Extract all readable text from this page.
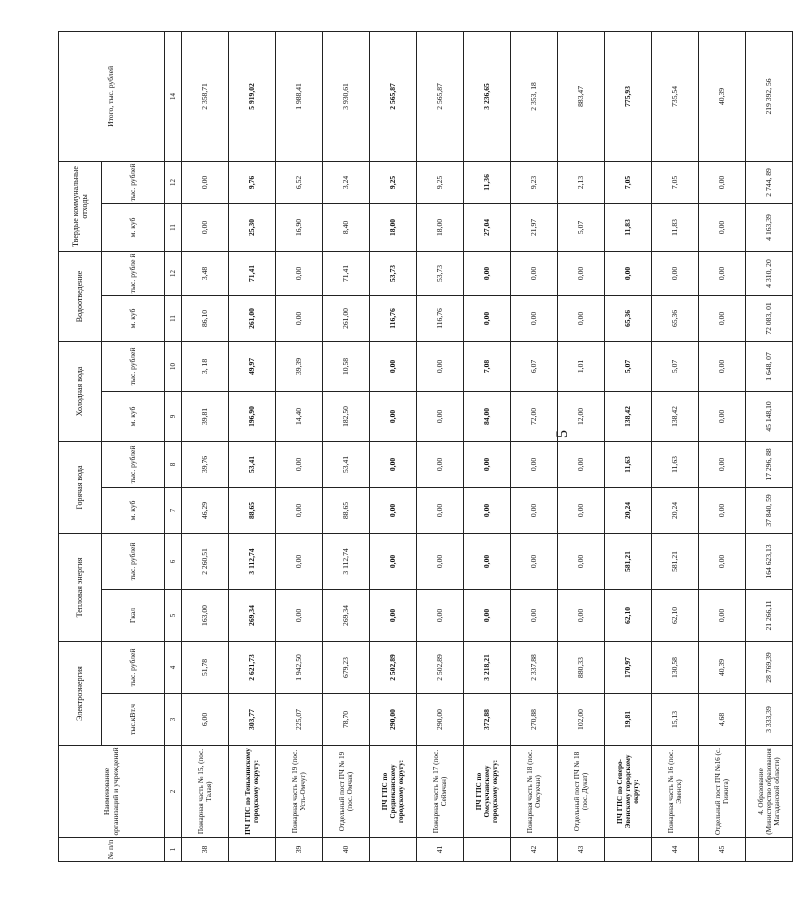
5
№ п/п	Наименование организаций и учреждений	Электроэнергия		Тепловая энергия		Горячая вода		Холодная вода		Водоотведение		Твердые коммунальные отходы		Итого, тыс. рублей
		тыс.кВт.ч	тыс. рублей	Гкал	тыс. рублей	м. куб	тыс. рублей	м. куб	тыс. рублей	м. куб	тыс. рубле й	м. куб	тыс. рублей	
1	2	3	4	5	6	7	8	9	10	11	12	11	12	14
38	Пожарная часть № 15, (пос. Талая)	6,00	51,78	163,00	2 260,51	46,29	39,76	39,81	3, 18	86,10	3,48	0,00	0,00	2 358,71
	ПЧ ГПС по Тенькинскому городскому округу:	303,77	2 621,73	269,34	3 112,74	88,65	53,41	196,90	49,97	261,00	71,41	25,30	9,76	5 919,02
39	Пожарная часть № 19 (пос. Усть-Омчуг)	225,07	1 942,50	0,00	0,00	0,00	0,00	14,40	39,39	0,00	0,00	16,90	6,52	1 988,41
40	Отдельный пост ПЧ № 19 (пос. Омчак)	78,70	679,23	269,34	3 112,74	88,65	53,41	182,50	10,58	261,00	71,41	8,40	3,24	3 930,61
	ПЧ ГПС по Среднеканскому городскому округу:	290,00	2 502,89	0,00	0,00	0,00	0,00	0,00	0,00	116,76	53,73	18,00	9,25	2 565,87
41	Пожарная часть № 17 (пос. Сеймчан)	290,00	2 502,89	0,00	0,00	0,00	0,00	0,00	0,00	116,76	53,73	18,00	9,25	2 565,87
	ПЧ ГПС по Омсукчанскому городскому округу:	372,88	3 218,21	0,00	0,00	0,00	0,00	84,00	7,08	0,00	0,00	27,04	11,36	3 236,65
42	Пожарная часть № 18 (пос. Омсукчан)	270,88	2 337,88	0,00	0,00	0,00	0,00	72,00	6,07	0,00	0,00	21,97	9,23	2 353, 18
43	Отдельный пост ПЧ № 18 (пос. Дукат)	102,00	880,33	0,00	0,00	0,00	0,00	12,00	1,01	0,00	0,00	5,07	2,13	883,47
	ПЧ ГПС по Северо-Эвенскому городскому округу:	19,81	170,97	62,10	581,21	20,24	11,63	138,42	5,07	65,36	0,00	11,83	7,05	775,93
44	Пожарная часть № 16 (пос. Эвенск)	15,13	130,58	62,10	581,21	20,24	11,63	138,42	5,07	65,36	0,00	11,83	7,05	735,54
45	Отдельный пост ПЧ №16 (с. Гижига)	4,68	40,39	0,00	0,00	0,00	0,00	0,00	0,00	0,00	0,00	0,00	0,00	40,39
	4. Образование (Министерство образования Магаданской области)	3 333,39	28 769,39	21 266,11	164 623,13	37 840, 59	17 296, 88	45 148,10	1 648, 07	72 083, 01	4 310, 20	4 163,39	2 744, 89	219 392, 56
